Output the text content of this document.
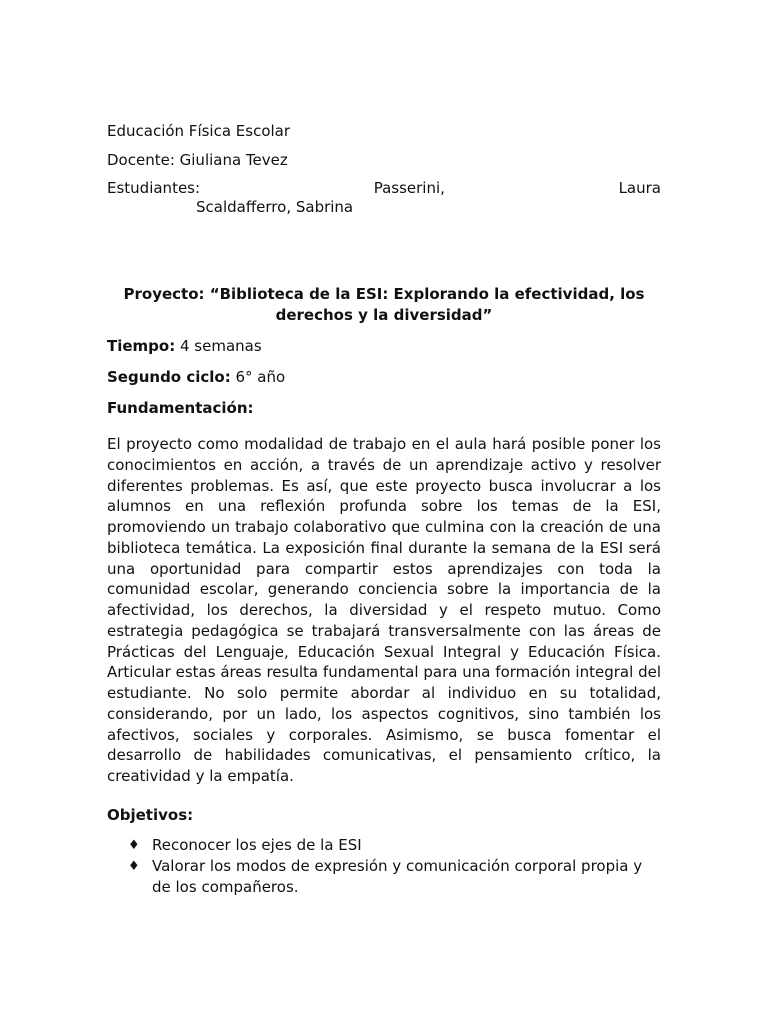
Educación Física Escolar
Docente: Giuliana Tevez
Estudiantes:	Passerini,	Laura
Scaldafferro, Sabrina
Proyecto: “Biblioteca de la ESI: Explorando la efectividad, los
derechos y la diversidad”
Tiempo: 4 semanas
Segundo ciclo: 6° año
Fundamentación:
El proyecto como modalidad de trabajo en el aula hará posible poner los conocimientos en acción, a través de un aprendizaje activo y resolver diferentes problemas. Es así, que este proyecto busca involucrar a los alumnos en una reflexión profunda sobre los temas de la ESI, promoviendo un trabajo colaborativo que culmina con la creación de una biblioteca temática. La exposición final durante la semana de la ESI será una oportunidad para compartir estos aprendizajes con toda la comunidad escolar, generando conciencia sobre la importancia de la afectividad, los derechos, la diversidad y el respeto mutuo. Como estrategia pedagógica se trabajará transversalmente con las áreas de Prácticas del Lenguaje, Educación Sexual Integral y Educación Física. Articular estas áreas resulta fundamental para una formación integral del estudiante. No solo permite abordar al individuo en su totalidad, considerando, por un lado, los aspectos cognitivos, sino también los afectivos, sociales y corporales. Asimismo, se busca fomentar el desarrollo de habilidades comunicativas, el pensamiento crítico, la creatividad y la empatía.
Objetivos:
♦ Reconocer los ejes de la ESI
♦ Valorar los modos de expresión y comunicación corporal propia y de los compañeros.
